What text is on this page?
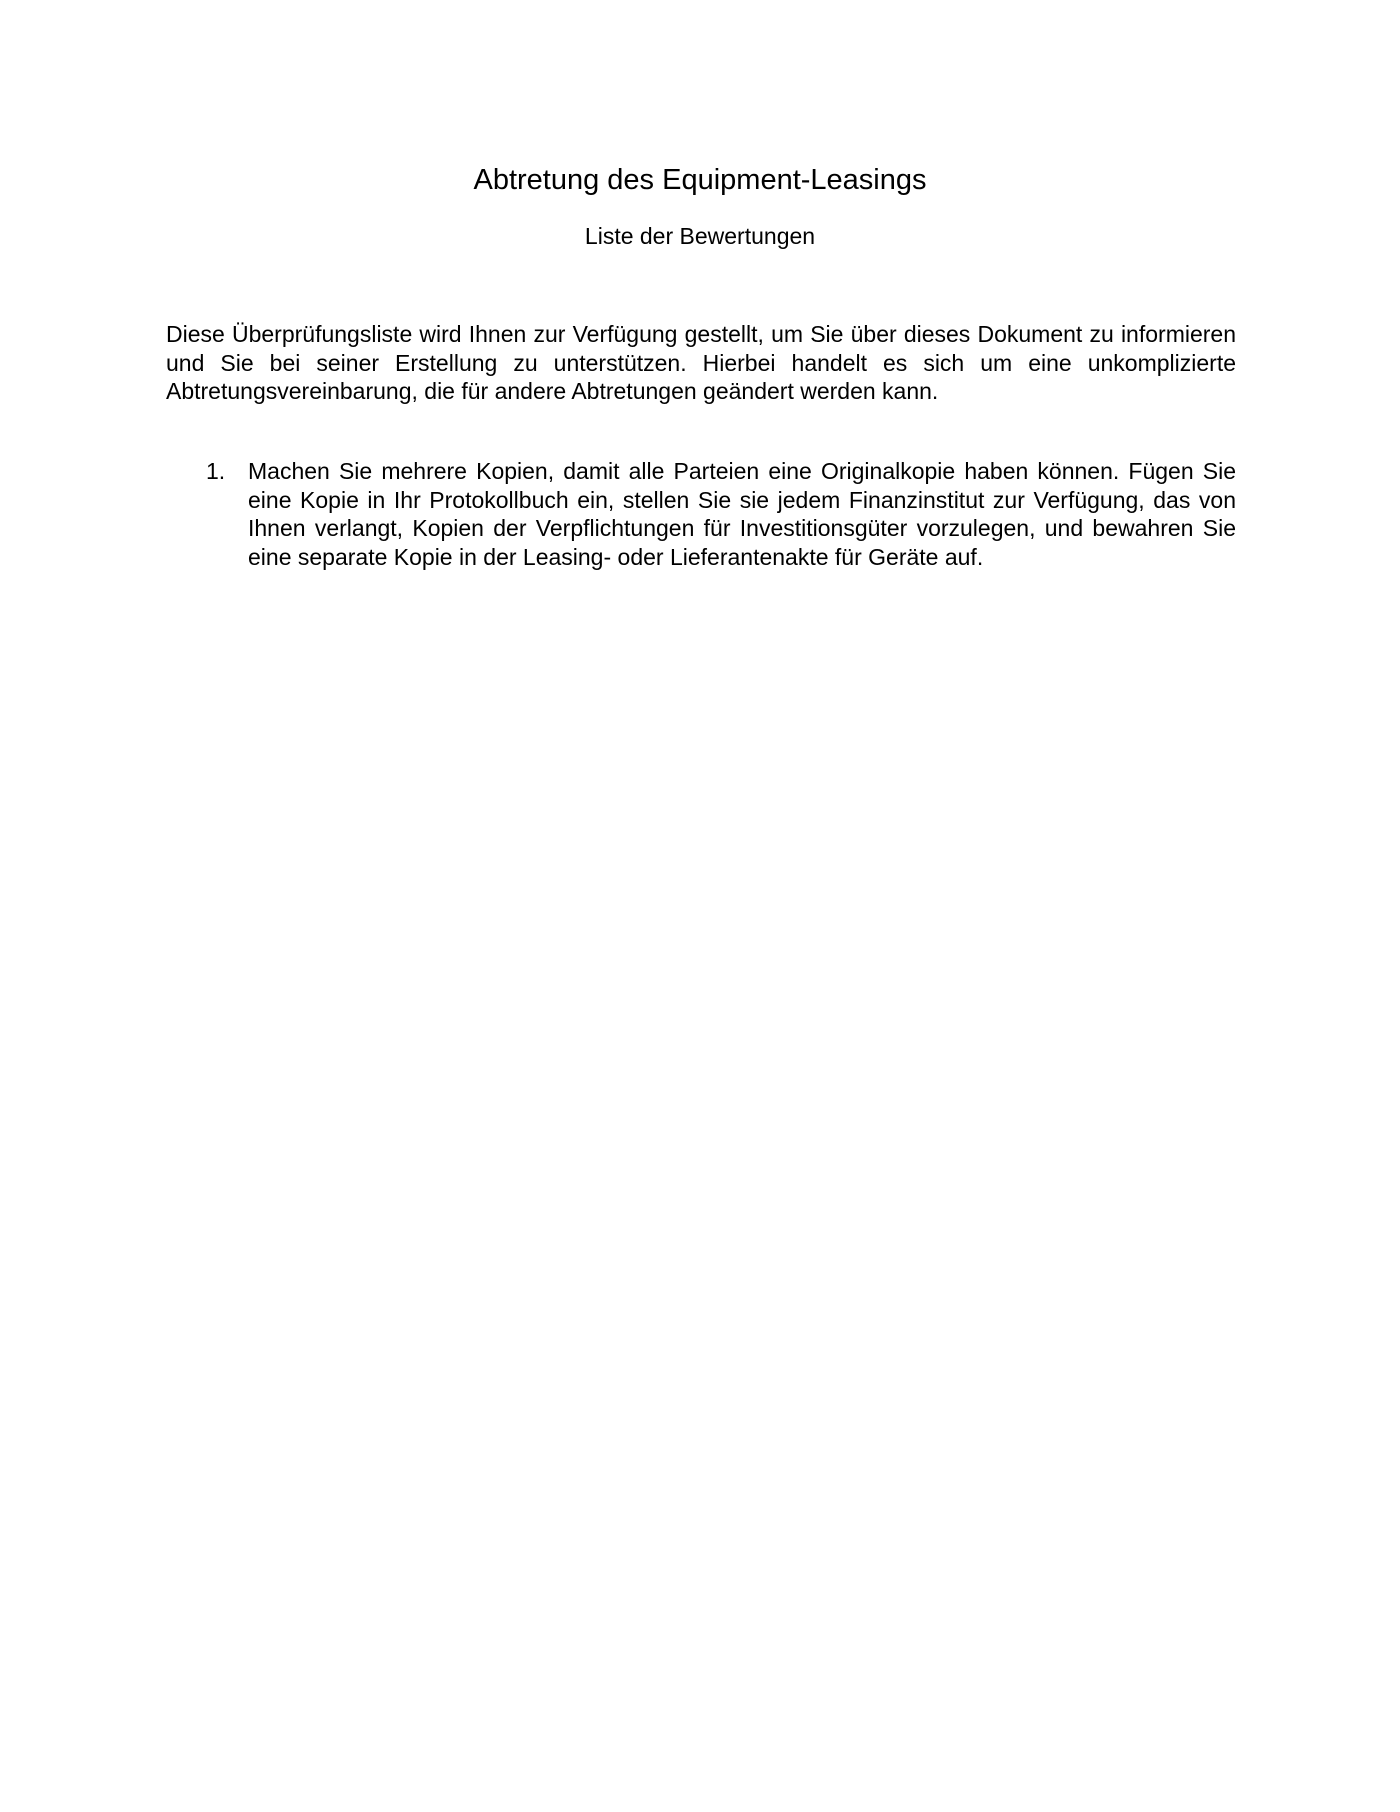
Abtretung des Equipment-Leasings
Liste der Bewertungen

Diese Überprüfungsliste wird Ihnen zur Verfügung gestellt, um Sie über dieses Dokument zu informieren und Sie bei seiner Erstellung zu unterstützen. Hierbei handelt es sich um eine unkomplizierte Abtretungsvereinbarung, die für andere Abtretungen geändert werden kann.

1. Machen Sie mehrere Kopien, damit alle Parteien eine Originalkopie haben können. Fügen Sie eine Kopie in Ihr Protokollbuch ein, stellen Sie sie jedem Finanzinstitut zur Verfügung, das von Ihnen verlangt, Kopien der Verpflichtungen für Investitionsgüter vorzulegen, und bewahren Sie eine separate Kopie in der Leasing- oder Lieferantenakte für Geräte auf.
